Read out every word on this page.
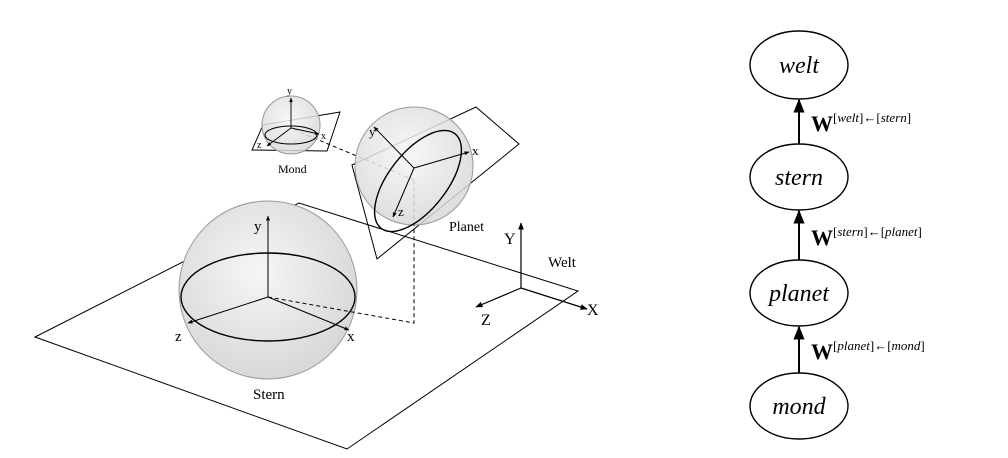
y
z	x
Stern
y
x
z
Planet
y
x
z
Mond
Y
X
Z
Welt
welt
stern
planet
mond
W[welt]←[stern]
W[stern]←[planet]
W[planet]←[mond]
